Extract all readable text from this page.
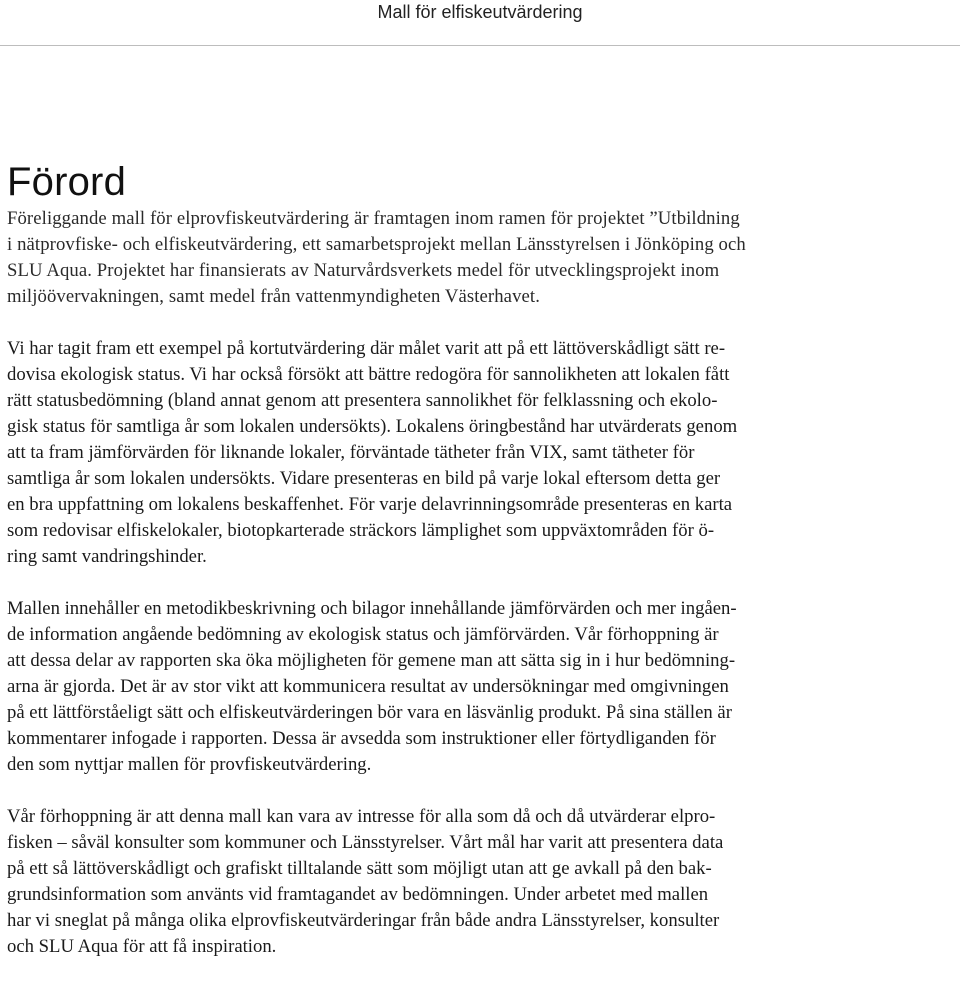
Mall för elfiskeutvärdering
Förord
Föreliggande mall för elprovfiskeutvärdering är framtagen inom ramen för projektet ”Utbildning
i nätprovfiske- och elfiskeutvärdering, ett samarbetsprojekt mellan Länsstyrelsen i Jönköping och
SLU Aqua. Projektet har finansierats av Naturvårdsverkets medel för utvecklingsprojekt inom
miljöövervakningen, samt medel från vattenmyndigheten Västerhavet.
Vi har tagit fram ett exempel på kortutvärdering där målet varit att på ett lättöverskådligt sätt re-
dovisa ekologisk status. Vi har också försökt att bättre redogöra för sannolikheten att lokalen fått
rätt statusbedömning (bland annat genom att presentera sannolikhet för felklassning och ekolo-
gisk status för samtliga år som lokalen undersökts). Lokalens öringbestånd har utvärderats genom
att ta fram jämförvärden för liknande lokaler, förväntade tätheter från VIX, samt tätheter för
samtliga år som lokalen undersökts. Vidare presenteras en bild på varje lokal eftersom detta ger
en bra uppfattning om lokalens beskaffenhet. För varje delavrinningsområde presenteras en karta
som redovisar elfiskelokaler, biotopkarterade sträckors lämplighet som uppväxtområden för ö-
ring samt vandringshinder.
Mallen innehåller en metodikbeskrivning och bilagor innehållande jämförvärden och mer ingåen-
de information angående bedömning av ekologisk status och jämförvärden. Vår förhoppning är
att dessa delar av rapporten ska öka möjligheten för gemene man att sätta sig in i hur bedömning-
arna är gjorda. Det är av stor vikt att kommunicera resultat av undersökningar med omgivningen
på ett lättförståeligt sätt och elfiskeutvärderingen bör vara en läsvänlig produkt. På sina ställen är
kommentarer infogade i rapporten. Dessa är avsedda som instruktioner eller förtydliganden för
den som nyttjar mallen för provfiskeutvärdering.
Vår förhoppning är att denna mall kan vara av intresse för alla som då och då utvärderar elpro-
fisken – såväl konsulter som kommuner och Länsstyrelser. Vårt mål har varit att presentera data
på ett så lättöverskådligt och grafiskt tilltalande sätt som möjligt utan att ge avkall på den bak-
grundsinformation som använts vid framtagandet av bedömningen. Under arbetet med mallen
har vi sneglat på många olika elprovfiskeutvärderingar från både andra Länsstyrelser, konsulter
och SLU Aqua för att få inspiration.
